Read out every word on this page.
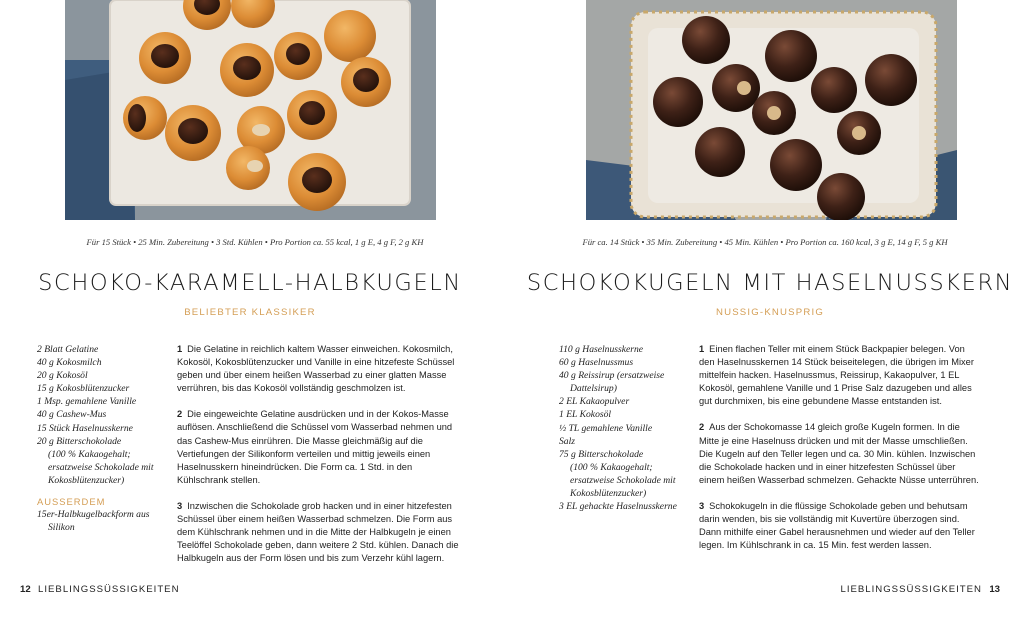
Für 15 Stück • 25 Min. Zubereitung • 3 Std. Kühlen • Pro Portion ca. 55 kcal, 1 g E, 4 g F, 2 g KH
SCHOKO-KARAMELL-HALBKUGELN
BELIEBTER KLASSIKER
2 Blatt Gelatine
40 g Kokosmilch
20 g Kokosöl
15 g Kokosblütenzucker
1 Msp. gemahlene Vanille
40 g Cashew-Mus
15 Stück Haselnusskerne
20 g Bitterschokolade
(100 % Kakaogehalt;
ersatzweise Schokolade mit
Kokosblütenzucker)
AUSSERDEM
15er-Halbkugelbackform aus
Silikon

1 Die Gelatine in reichlich kaltem Wasser einweichen. Kokosmilch, Kokosöl, Kokosblütenzucker und Vanille in eine hitzefeste Schüssel geben und über einem heißen Wasserbad zu einer glatten Masse verrühren, bis das Kokosöl vollständig geschmolzen ist.

2 Die eingeweichte Gelatine ausdrücken und in der Kokos-Masse auflösen. Anschließend die Schüssel vom Wasserbad nehmen und das Cashew-Mus einrühren. Die Masse gleichmäßig auf die Vertiefungen der Silikonform verteilen und mittig jeweils einen Haselnusskern hineindrücken. Die Form ca. 1 Std. in den Kühlschrank stellen.

3 Inzwischen die Schokolade grob hacken und in einer hitzefesten Schüssel über einem heißen Wasserbad schmelzen. Die Form aus dem Kühlschrank nehmen und in die Mitte der Halbkugeln je einen Teelöffel Schokolade geben, dann weitere 2 Std. kühlen. Danach die Halbkugeln aus der Form lösen und bis zum Verzehr kühl lagern.

12 LIEBLINGSSÜSSIGKEITEN
Für ca. 14 Stück • 35 Min. Zubereitung • 45 Min. Kühlen • Pro Portion ca. 160 kcal, 3 g E, 14 g F, 5 g KH
SCHOKOKUGELN MIT HASELNUSSKERN
NUSSIG-KNUSPRIG
110 g Haselnusskerne
60 g Haselnussmus
40 g Reissirup (ersatzweise
Dattelsirup)
2 EL Kakaopulver
1 EL Kokosöl
½ TL gemahlene Vanille
Salz
75 g Bitterschokolade
(100 % Kakaogehalt;
ersatzweise Schokolade mit
Kokosblütenzucker)
3 EL gehackte Haselnusskerne

1 Einen flachen Teller mit einem Stück Backpapier belegen. Von den Haselnusskernen 14 Stück beiseitelegen, die übrigen im Mixer mittelfein hacken. Haselnussmus, Reissirup, Kakaopulver, 1 EL Kokosöl, gemahlene Vanille und 1 Prise Salz dazugeben und alles gut durchmixen, bis eine gebundene Masse entstanden ist.

2 Aus der Schokomasse 14 gleich große Kugeln formen. In die Mitte je eine Haselnuss drücken und mit der Masse umschließen. Die Kugeln auf den Teller legen und ca. 30 Min. kühlen. Inzwischen die Schokolade hacken und in einer hitzefesten Schüssel über einem heißen Wasserbad schmelzen. Gehackte Nüsse unterrühren.

3 Schokokugeln in die flüssige Schokolade geben und behutsam darin wenden, bis sie vollständig mit Kuvertüre überzogen sind. Dann mithilfe einer Gabel herausnehmen und wieder auf den Teller legen. Im Kühlschrank in ca. 15 Min. fest werden lassen.

LIEBLINGSSÜSSIGKEITEN 13
